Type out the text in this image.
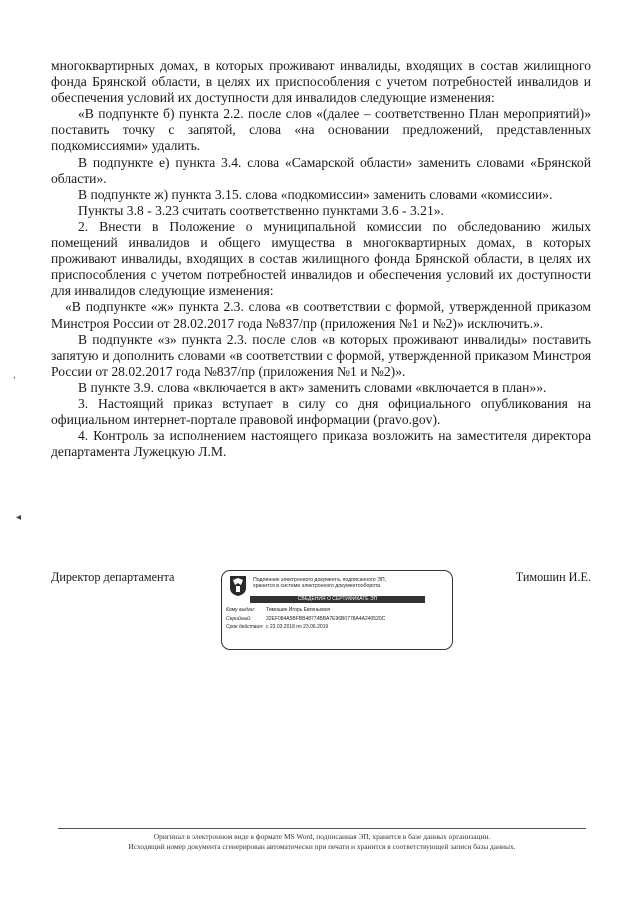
многоквартирных домах, в которых проживают инвалиды, входящих в состав жилищного фонда Брянской области, в целях их приспособления с учетом потребностей инвалидов и обеспечения условий их доступности для инвалидов следующие изменения:

«В подпункте б) пункта 2.2. после слов «(далее – соответственно План мероприятий)» поставить точку с запятой, слова «на основании предложений, представленных подкомиссиями» удалить.

В подпункте е) пункта 3.4. слова «Самарской области» заменить словами «Брянской области».

В подпункте ж) пункта 3.15. слова «подкомиссии» заменить словами «комиссии».

Пункты 3.8 - 3.23 считать соответственно пунктами 3.6 - 3.21».

2. Внести в Положение о муниципальной комиссии по обследованию жилых помещений инвалидов и общего имущества в многоквартирных домах, в которых проживают инвалиды, входящих в состав жилищного фонда Брянской области, в целях их приспособления с учетом потребностей инвалидов и обеспечения условий их доступности для инвалидов следующие изменения:

«В подпункте «ж» пункта 2.3. слова «в соответствии с формой, утвержденной приказом Минстроя России от 28.02.2017 года №837/пр (приложения №1 и №2)» исключить.».

В подпункте «з» пункта 2.3. после слов «в которых проживают инвалиды» поставить запятую и дополнить словами «в соответствии с формой, утвержденной приказом Минстроя России от 28.02.2017 года №837/пр (приложения №1 и №2)».

В пункте 3.9. слова «включается в акт» заменить словами «включается в план»».

3. Настоящий приказ вступает в силу со дня официального опубликования на официальном интернет-портале правовой информации (pravo.gov).

4. Контроль за исполнением настоящего приказа возложить на заместителя директора департамента Лужецкую Л.М.

Директор департамента	Подлинник электронного документа, подписанного ЭП,
хранится в системе электронного документооборота
СВЕДЕНИЯ О СЕРТИФИКАТЕ ЭП
Кому выдан: Тимошин Игорь Евгеньевич
Серийный:	32EF084A5BFBB48774BBA7E96B0778A4A240520C
Срок действия: с 23.03.2018 по 23.06.2019
Тимошин И.Е.
Оригинал в электронном виде в формате MS Word, подписанная ЭП, хранится в базе данных организации.
Исходящий номер документа сгенерирован автоматически при печати и хранится в соответствующей записи базы данных.
‘
◂
